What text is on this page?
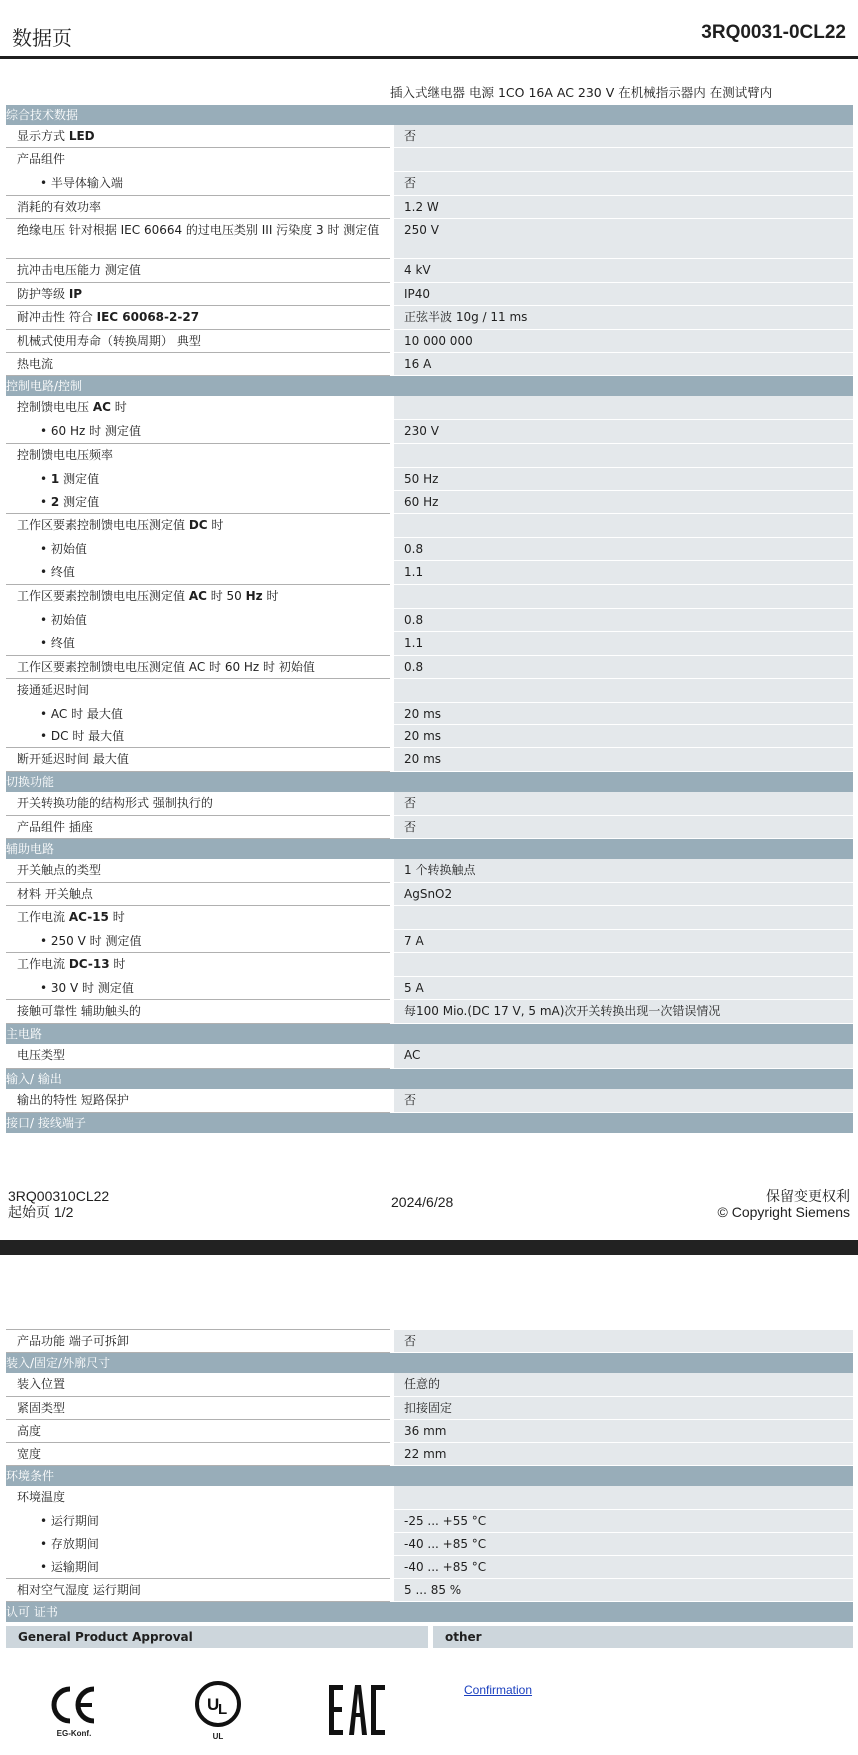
数据页	3RQ0031-0CL22
插入式继电器 电源 1CO 16A AC 230 V 在机械指示器内 在测试臂内
综合技术数据
显示方式 LED	否
产品组件
• 半导体输入端	否
消耗的有效功率	1.2 W
绝缘电压 针对根据 IEC 60664 的过电压类别 III 污染度 3 时 测定值	250 V
抗冲击电压能力 测定值	4 kV
防护等级 IP	IP40
耐冲击性 符合 IEC 60068-2-27	正弦半波 10g / 11 ms
机械式使用寿命（转换周期） 典型	10 000 000
热电流	16 A
控制电路/控制
控制馈电电压 AC 时
• 60 Hz 时 测定值	230 V
控制馈电电压频率
• 1 测定值	50 Hz
• 2 测定值	60 Hz
工作区要素控制馈电电压测定值 DC 时
• 初始值	0.8
• 终值	1.1
工作区要素控制馈电电压测定值 AC 时 50 Hz 时
• 初始值	0.8
• 终值	1.1
工作区要素控制馈电电压测定值 AC 时 60 Hz 时 初始值	0.8
接通延迟时间
• AC 时 最大值	20 ms
• DC 时 最大值	20 ms
断开延迟时间 最大值	20 ms
切换功能
开关转换功能的结构形式 强制执行的	否
产品组件 插座	否
辅助电路
开关触点的类型	1 个转换触点
材料 开关触点	AgSnO2
工作电流 AC-15 时
• 250 V 时 测定值	7 A
工作电流 DC-13 时
• 30 V 时 测定值	5 A
接触可靠性 辅助触头的	每100 Mio.(DC 17 V, 5 mA)次开关转换出现一次错误情况
主电路
电压类型	AC
输入/ 输出
输出的特性 短路保护	否
接口/ 接线端子
3RQ00310CL22
起始页 1/2
2024/6/28	保留变更权利
© Copyright Siemens
产品功能 端子可拆卸	否
装入/固定/外廓尺寸
装入位置	任意的
紧固类型	扣接固定
高度	36 mm
宽度	22 mm
环境条件
环境温度
• 运行期间	-25 ... +55 °C
• 存放期间	-40 ... +85 °C
• 运输期间	-40 ... +85 °C
相对空气湿度 运行期间	5 ... 85 %
认可 证书
General Product Approval	other
EG-Konf.
U
L
UL
Confirmation
